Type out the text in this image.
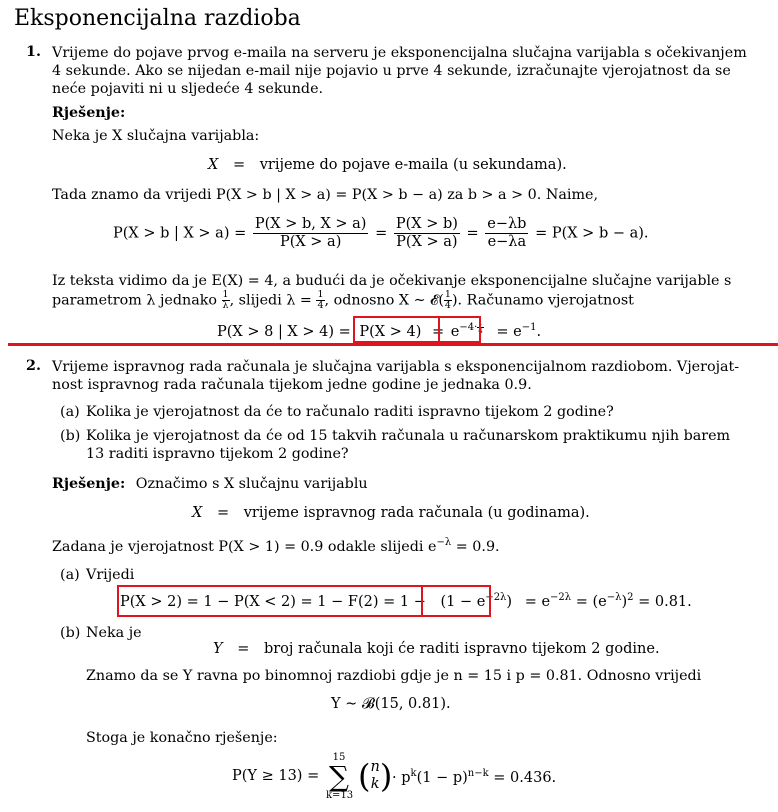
Eksponencijalna razdioba
1. Vrijeme do pojave prvog e-maila na serveru je eksponencijalna slučajna varijabla s očekivanjem
4 sekunde. Ako se nijedan e-mail nije pojavio u prve 4 sekunde, izračunajte vjerojatnost da se
neće pojaviti ni u sljedeće 4 sekunde.
Rješenje:
Neka je X slučajna varijabla:
X = vrijeme do pojave e-maila (u sekundama).
Tada znamo da vrijedi P(X > b | X > a) = P(X > b − a) za b > a > 0. Naime,
P(X > b | $X > a) = \frac{P(X > b, X > a)}{P(X > a)} = \frac{P(X > b)}{P(X > a)} = \frac{e-\lambda b}{e-\lambda a} = P(X > b - a)$.
Iz teksta vidimo da je E(X) = 4, a budući da je očekivanje eksponencijalne slučajne varijable s
parametrom λ jednako $\frac{1}{\lambda}$ , slijedi $\lambda = \frac{1}{4}$ , odnosno X ∼ 𝓔( $\frac{1}{4}$ ). Računamo vjerojatnost
P(X > 8 | $X > 4) = P(X > 4) = e^{-4\cdot \frac{1}{4}} = e^{-1}$.
2. Vrijeme ispravnog rada računala je slučajna varijabla s eksponencijalnom razdiobom. Vjerojat-
nost ispravnog rada računala tijekom jedne godine je jednaka 0.9.
(a) Kolika je vjerojatnost da će to računalo raditi ispravno tijekom 2 godine?
(b) Kolika je vjerojatnost da će od 15 takvih računala u računarskom praktikumu njih barem
13 raditi ispravno tijekom 2 godine?
Rješenje: Označimo s X slučajnu varijablu
X = vrijeme ispravnog rada računala (u godinama).
Zadana je vjerojatnost P(X > 1) = 0.9 odakle slijedi $e^{-\lambda} = 0.9$.
(a) Vrijedi
$P(X > 2) = 1 - P(X < 2) = 1 - F(2) = 1 - (1 - e^{-2\lambda}) = e^{-2\lambda} = (e^{-\lambda})^2 = 0.81$.
(b) Neka je
Y = broj računala koji će raditi ispravno tijekom 2 godine.
Znamo da se Y ravna po binomnoj razdiobi gdje je n = 15 i p = 0.81. Odnosno vrijedi
Y ∼ 𝓑(15, 0.81).
Stoga je konačno rješenje:
P(Y ≥ 13) =
15
∑
k=13
( n
k ) · $p^k(1 - p)^{n-k} = 0.436$.
